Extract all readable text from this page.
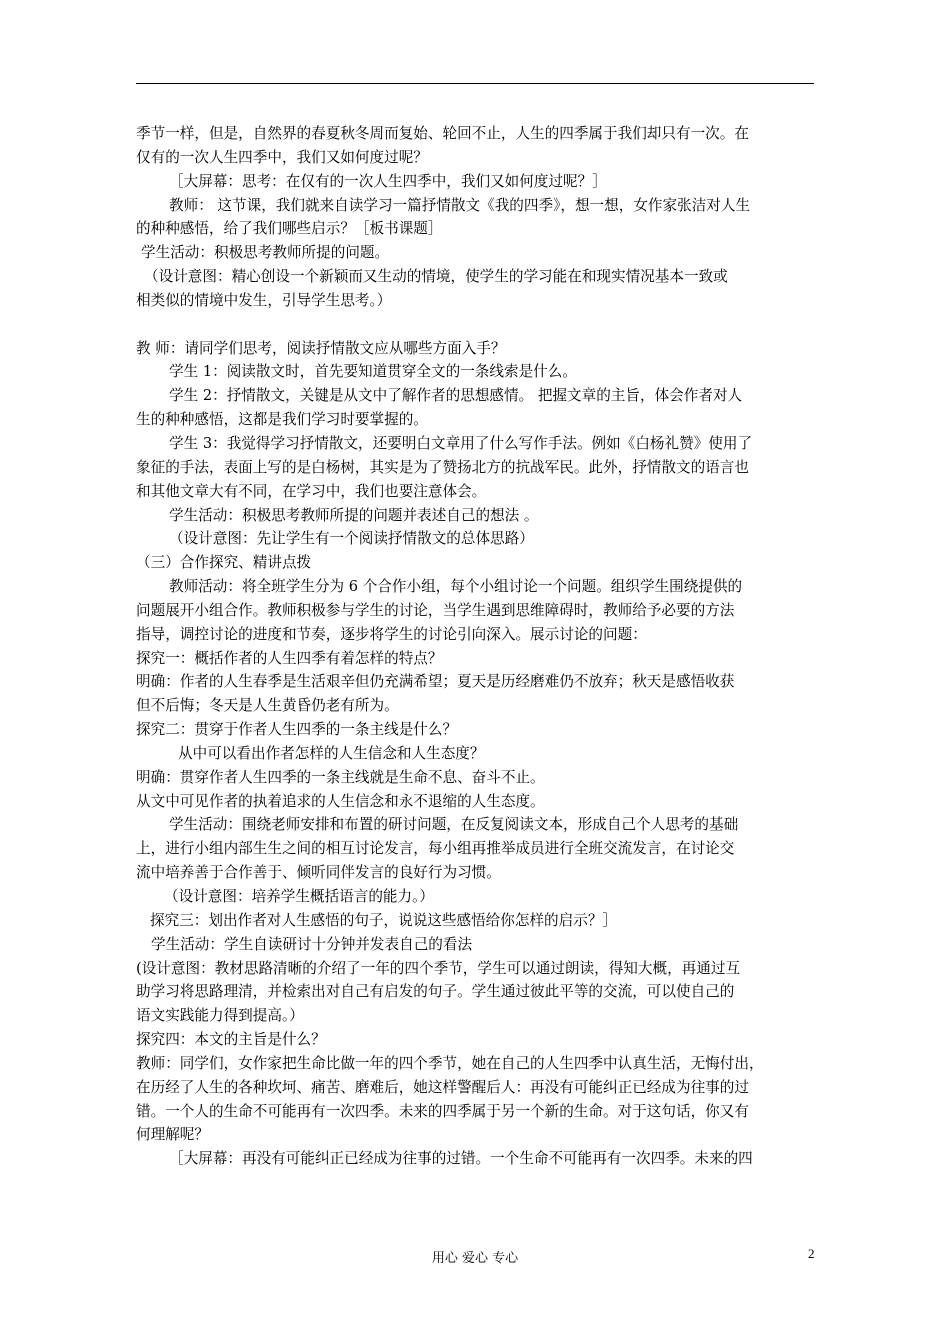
季节一样，但是，自然界的春夏秋冬周而复始、轮回不止，人生的四季属于我们却只有一次。在
仅有的一次人生四季中，我们又如何度过呢？
［大屏幕：思考：在仅有的一次人生四季中，我们又如何度过呢？］
教师： 这节课，我们就来自读学习一篇抒情散文《我的四季》，想一想，女作家张洁对人生
的种种感悟，给了我们哪些启示？［板书课题］
学生活动：积极思考教师所提的问题。
（设计意图：精心创设一个新颖而又生动的情境，使学生的学习能在和现实情况基本一致或
相类似的情境中发生，引导学生思考。）
教 师：请同学们思考，阅读抒情散文应从哪些方面入手？
学生 1：阅读散文时，首先要知道贯穿全文的一条线索是什么。
学生 2：抒情散文，关键是从文中了解作者的思想感情。 把握文章的主旨，体会作者对人
生的种种感悟，这都是我们学习时要掌握的。
学生 3：我觉得学习抒情散文，还要明白文章用了什么写作手法。例如《白杨礼赞》使用了
象征的手法，表面上写的是白杨树，其实是为了赞扬北方的抗战军民。此外，抒情散文的语言也
和其他文章大有不同，在学习中，我们也要注意体会。
学生活动：积极思考教师所提的问题并表述自己的想法 。
（设计意图：先让学生有一个阅读抒情散文的总体思路）
（三）合作探究、精讲点拨
教师活动：将全班学生分为 6 个合作小组，每个小组讨论一个问题。组织学生围绕提供的
问题展开小组合作。教师积极参与学生的讨论，当学生遇到思维障碍时，教师给予必要的方法
指导，调控讨论的进度和节奏，逐步将学生的讨论引向深入。展示讨论的问题：
探究一：概括作者的人生四季有着怎样的特点？
明确：作者的人生春季是生活艰辛但仍充满希望；夏天是历经磨难仍不放弃；秋天是感悟收获
但不后悔；冬天是人生黄昏仍老有所为。
探究二：贯穿于作者人生四季的一条主线是什么？
从中可以看出作者怎样的人生信念和人生态度？
明确：贯穿作者人生四季的一条主线就是生命不息、奋斗不止。
从文中可见作者的执着追求的人生信念和永不退缩的人生态度。
学生活动：围绕老师安排和布置的研讨问题，在反复阅读文本，形成自己个人思考的基础
上，进行小组内部生生之间的相互讨论发言，每小组再推举成员进行全班交流发言，在讨论交
流中培养善于合作善于、倾听同伴发言的良好行为习惯。
（设计意图：培养学生概括语言的能力。）
探究三：划出作者对人生感悟的句子，说说这些感悟给你怎样的启示？］
学生活动：学生自读研讨十分钟并发表自己的看法
(设计意图：教材思路清晰的介绍了一年的四个季节，学生可以通过朗读，得知大概，再通过互
助学习将思路理清，并检索出对自己有启发的句子。学生通过彼此平等的交流，可以使自己的
语文实践能力得到提高。）
探究四：本文的主旨是什么？
教师：同学们，女作家把生命比做一年的四个季节，她在自己的人生四季中认真生活，无悔付出，
在历经了人生的各种坎坷、痛苦、磨难后，她这样警醒后人：再没有可能纠正已经成为往事的过
错。一个人的生命不可能再有一次四季。未来的四季属于另一个新的生命。对于这句话，你又有
何理解呢？
［大屏幕：再没有可能纠正已经成为往事的过错。一个生命不可能再有一次四季。未来的四
用心 爱心 专心	2
